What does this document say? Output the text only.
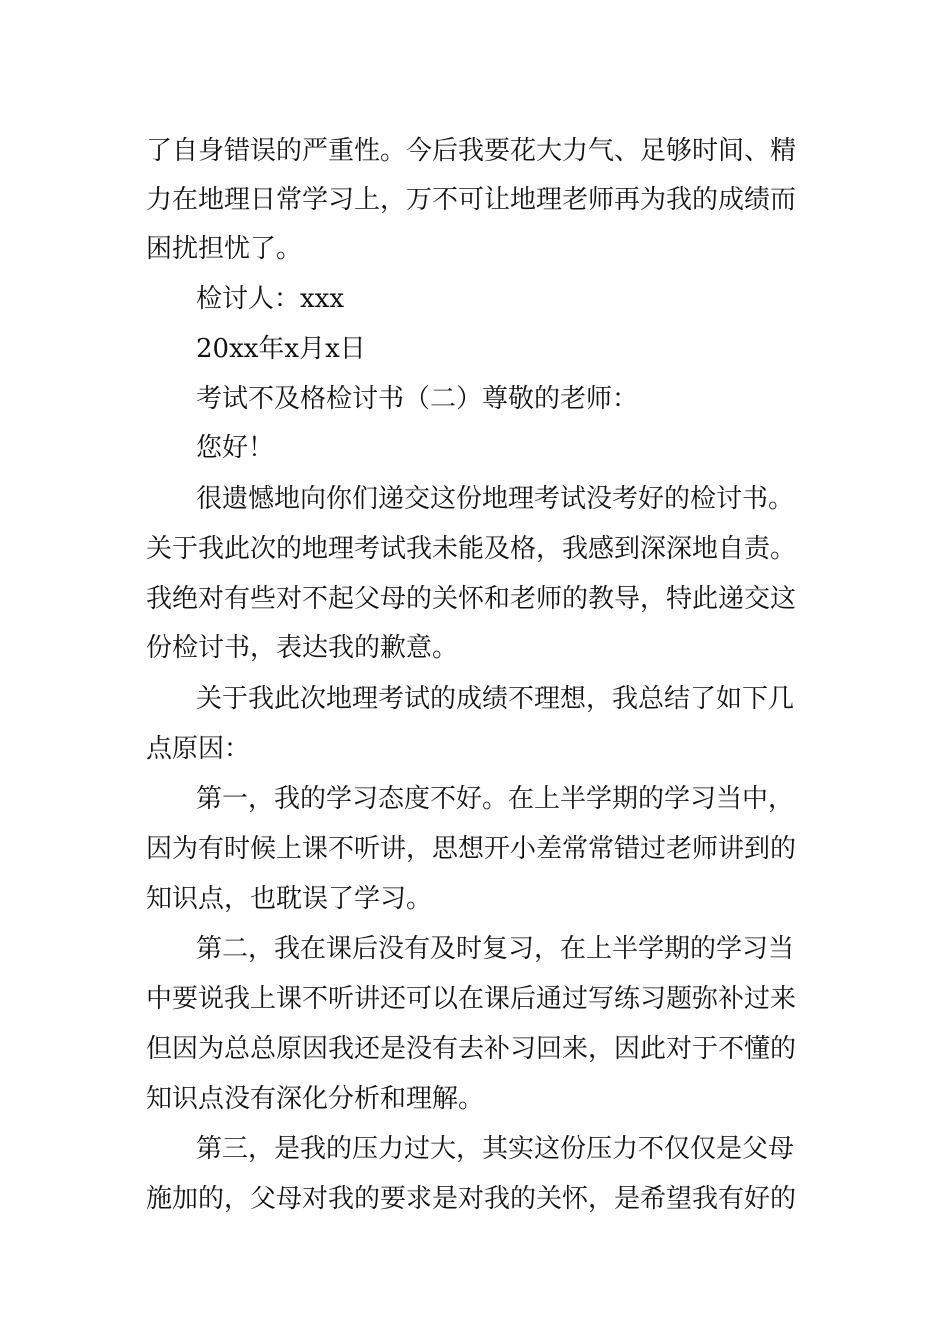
了自身错误的严重性。今后我要花大力气、足够时间、精
力在地理日常学习上，万不可让地理老师再为我的成绩而
困扰担忧了。
检讨人：xxx
20xx年x月x日
考试不及格检讨书（二）尊敬的老师：
您好！
很遗憾地向你们递交这份地理考试没考好的检讨书。
关于我此次的地理考试我未能及格，我感到深深地自责。
我绝对有些对不起父母的关怀和老师的教导，特此递交这
份检讨书，表达我的歉意。
关于我此次地理考试的成绩不理想，我总结了如下几
点原因：
第一，我的学习态度不好。在上半学期的学习当中，
因为有时候上课不听讲，思想开小差常常错过老师讲到的
知识点，也耽误了学习。
第二，我在课后没有及时复习，在上半学期的学习当
中要说我上课不听讲还可以在课后通过写练习题弥补过来
但因为总总原因我还是没有去补习回来，因此对于不懂的
知识点没有深化分析和理解。
第三，是我的压力过大，其实这份压力不仅仅是父母
施加的，父母对我的要求是对我的关怀，是希望我有好的
